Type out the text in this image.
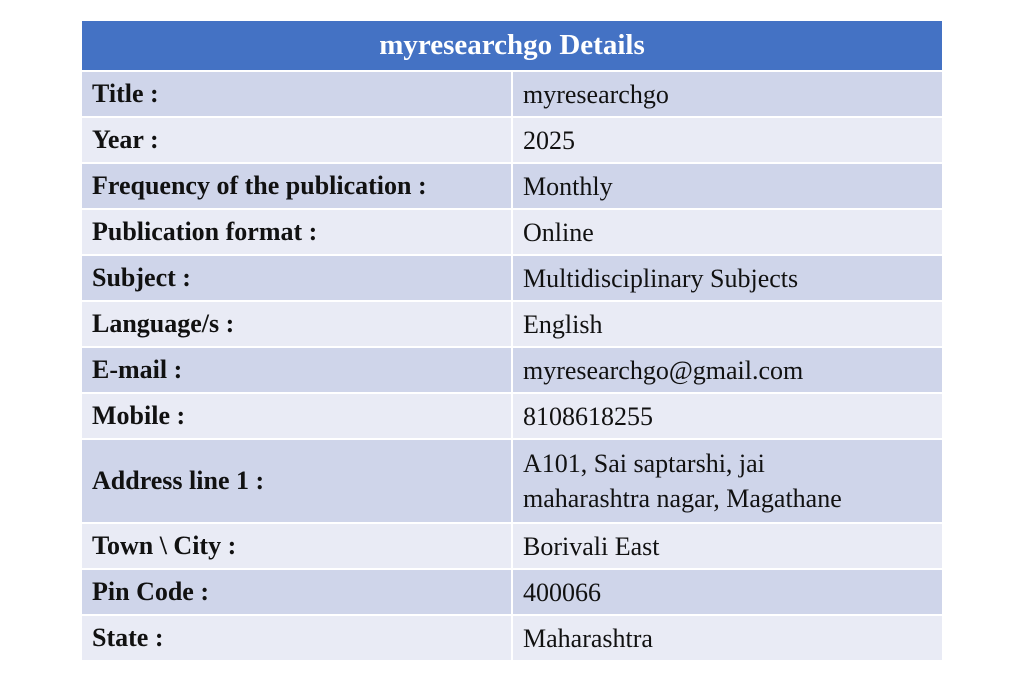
myresearchgo Details	
Title :	myresearchgo
Year :	2025
Frequency of the publication :	Monthly
Publication format :	Online
Subject :	Multidisciplinary Subjects
Language/s :	English
E-mail :	myresearchgo@gmail.com
Mobile :	8108618255
Address line 1 :	A101, Sai saptarshi, jai
maharashtra nagar, Magathane

Town \ City :	Borivali East
Pin Code :	400066
State :	Maharashtra
